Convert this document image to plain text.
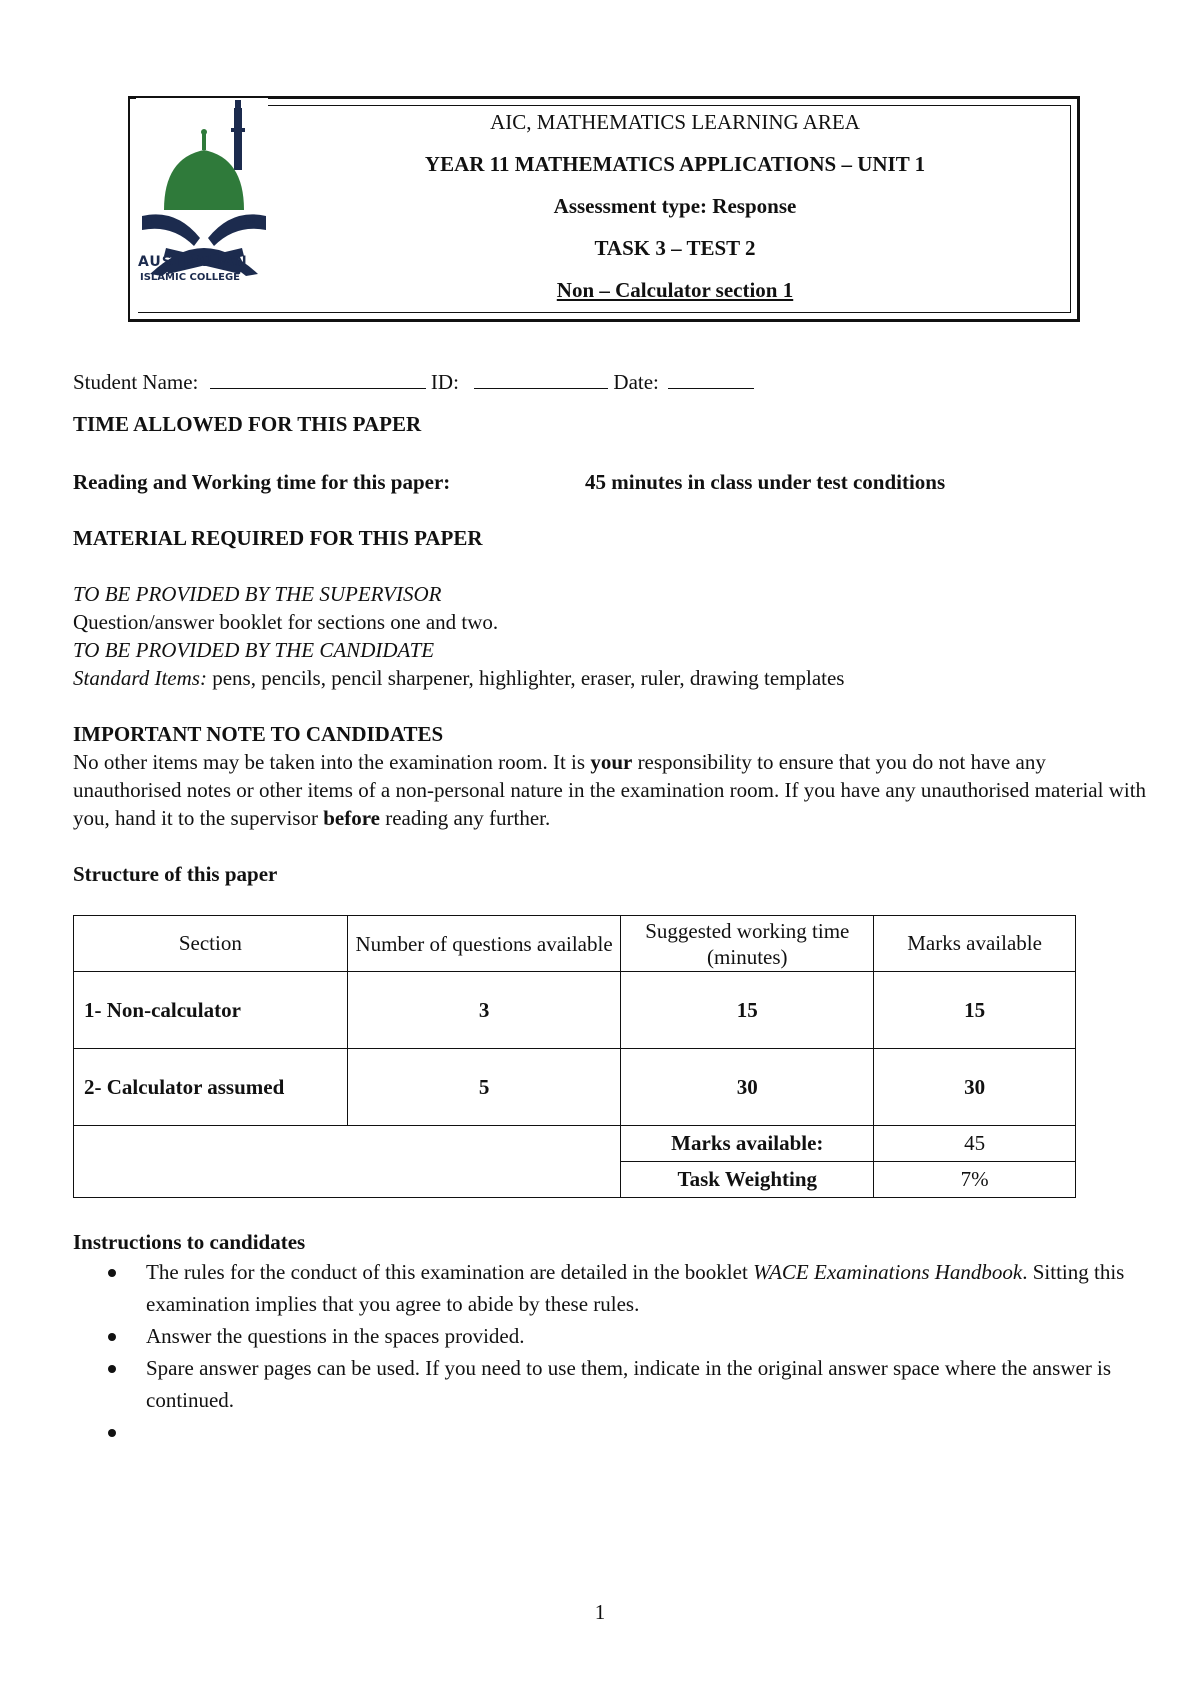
EST.	1998
AUSTRALIAN
ISLAMIC COLLEGE
AIC, MATHEMATICS LEARNING AREA
YEAR 11 MATHEMATICS APPLICATIONS – UNIT 1
Assessment type: Response
TASK 3 – TEST 2
Non – Calculator section 1
Student Name:	ID:	Date:
TIME ALLOWED FOR THIS PAPER
Reading and Working time for this paper:	45 minutes in class under test conditions
MATERIAL REQUIRED FOR THIS PAPER
TO BE PROVIDED BY THE SUPERVISOR
Question/answer booklet for sections one and two.
TO BE PROVIDED BY THE CANDIDATE
Standard Items: pens, pencils, pencil sharpener, highlighter, eraser, ruler, drawing templates
IMPORTANT NOTE TO CANDIDATES
No other items may be taken into the examination room. It is your responsibility to ensure that you do not have any unauthorised notes or other items of a non-personal nature in the examination room. If you have any unauthorised material with you, hand it to the supervisor before reading any further.
Structure of this paper
Section	Number of questions available	Suggested working time (minutes)	Marks available
1- Non-calculator	3	15	15
2- Calculator assumed	5	30	30
		Marks available:	45
		Task Weighting	7%
Instructions to candidates
The rules for the conduct of this examination are detailed in the booklet WACE Examinations Handbook. Sitting this examination implies that you agree to abide by these rules.
Answer the questions in the spaces provided.
Spare answer pages can be used. If you need to use them, indicate in the original answer space where the answer is continued.
1
